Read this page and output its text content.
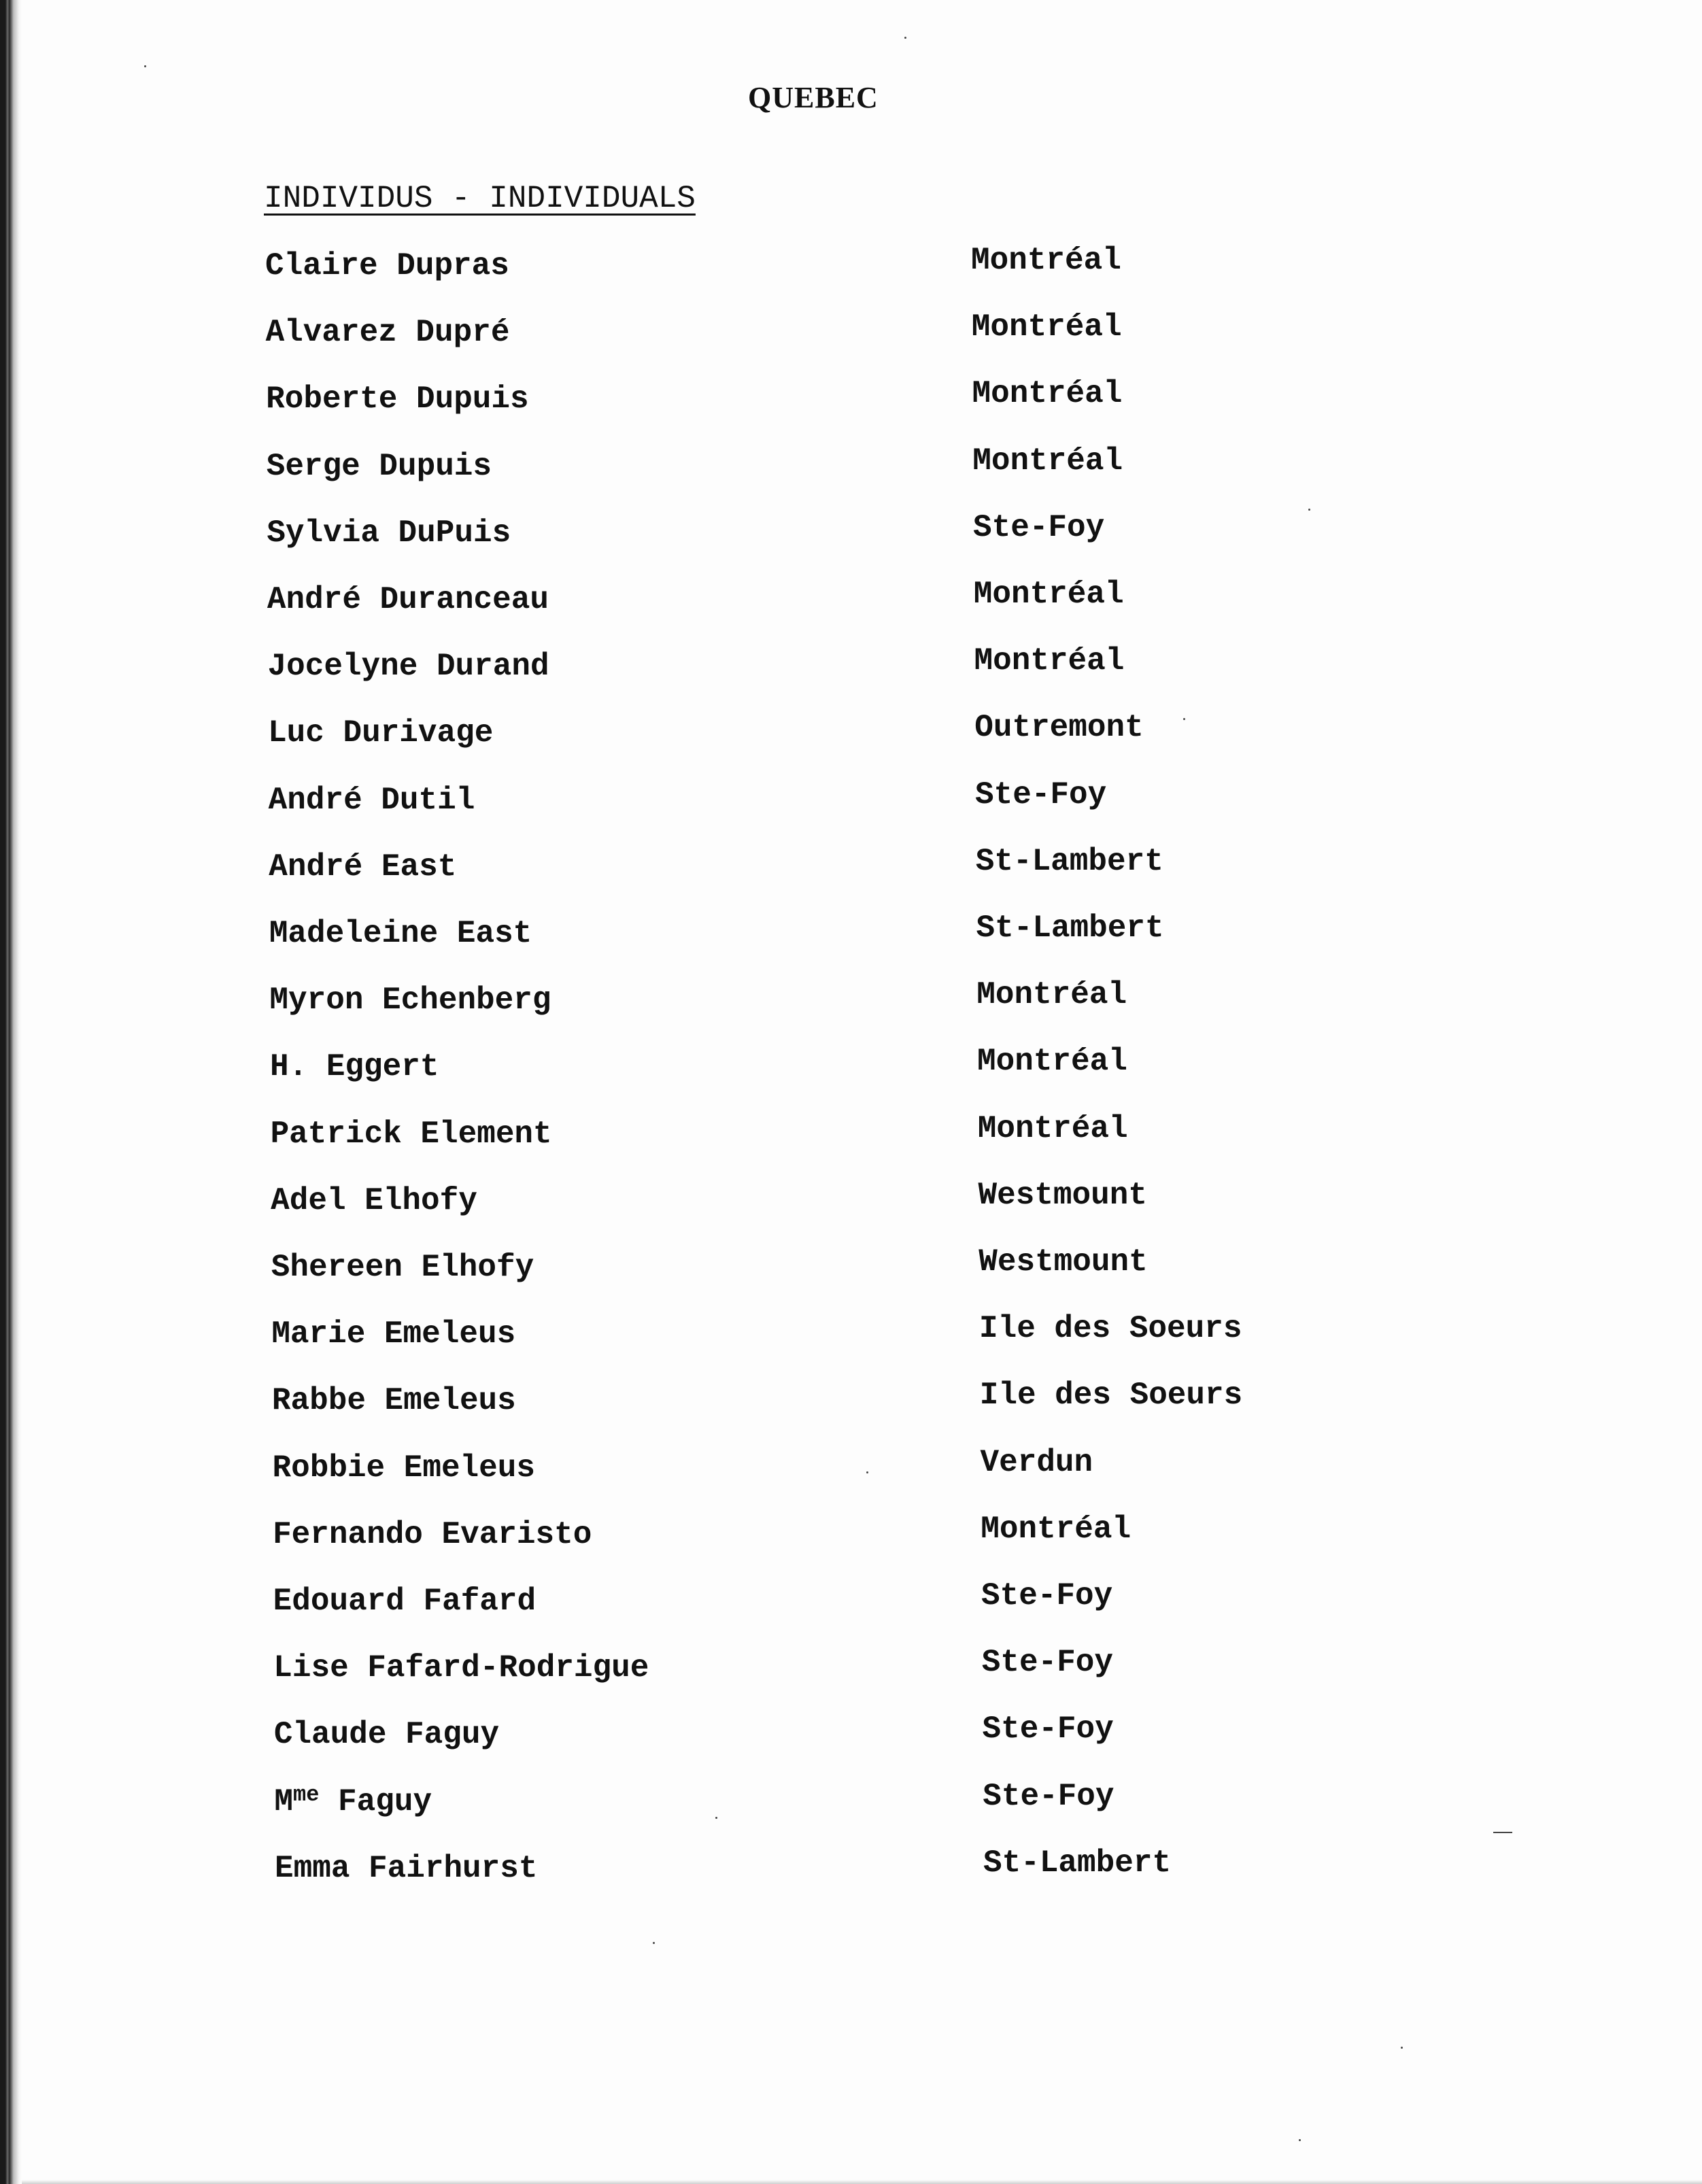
QUEBEC
INDIVIDUS - INDIVIDUALS
Claire Dupras	Montréal
Alvarez Dupré	Montréal
Roberte Dupuis	Montréal
Serge Dupuis	Montréal
Sylvia DuPuis	Ste-Foy
André Duranceau	Montréal
Jocelyne Durand	Montréal
Luc Durivage	Outremont
André Dutil	Ste-Foy
André East	St-Lambert
Madeleine East	St-Lambert
Myron Echenberg	Montréal
H. Eggert	Montréal
Patrick Element	Montréal
Adel Elhofy	Westmount
Shereen Elhofy	Westmount
Marie Emeleus	Ile des Soeurs
Rabbe Emeleus	Ile des Soeurs
Robbie Emeleus	Verdun
Fernando Evaristo	Montréal
Edouard Fafard	Ste-Foy
Lise Fafard-Rodrigue	Ste-Foy
Claude Faguy	Ste-Foy
$M^{me}$ Faguy	Ste-Foy
Emma Fairhurst	St-Lambert
